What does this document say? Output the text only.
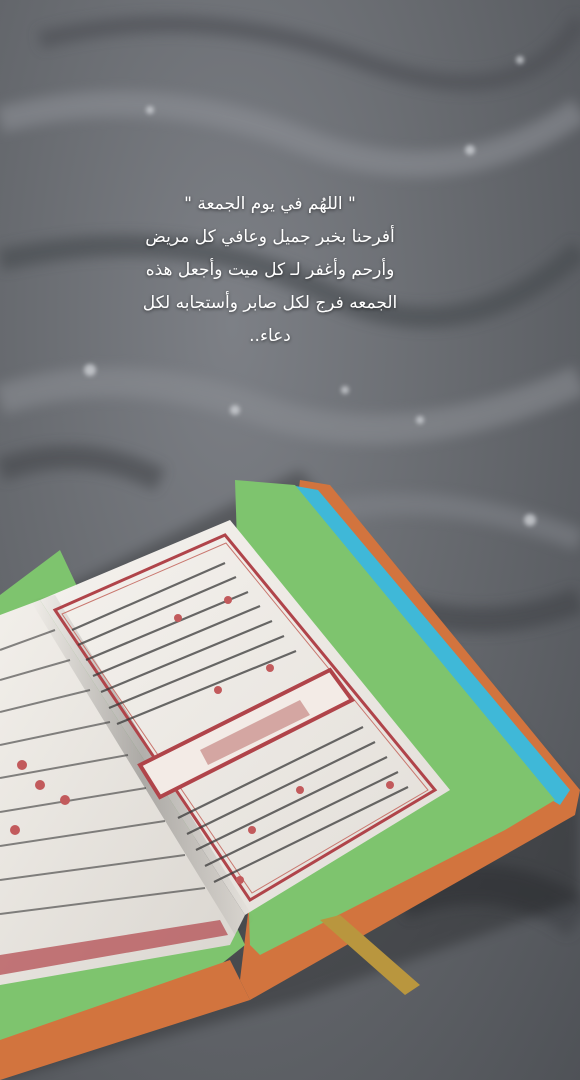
" اللهُم في يوم الجمعة "
أفرحنا بخبر جميل وعافي كل مريض
وأرحم وأغفر لـ كل ميت وأجعل هذه
الجمعه فرج لكل صابر وأستجابه لكل
دعاء..
